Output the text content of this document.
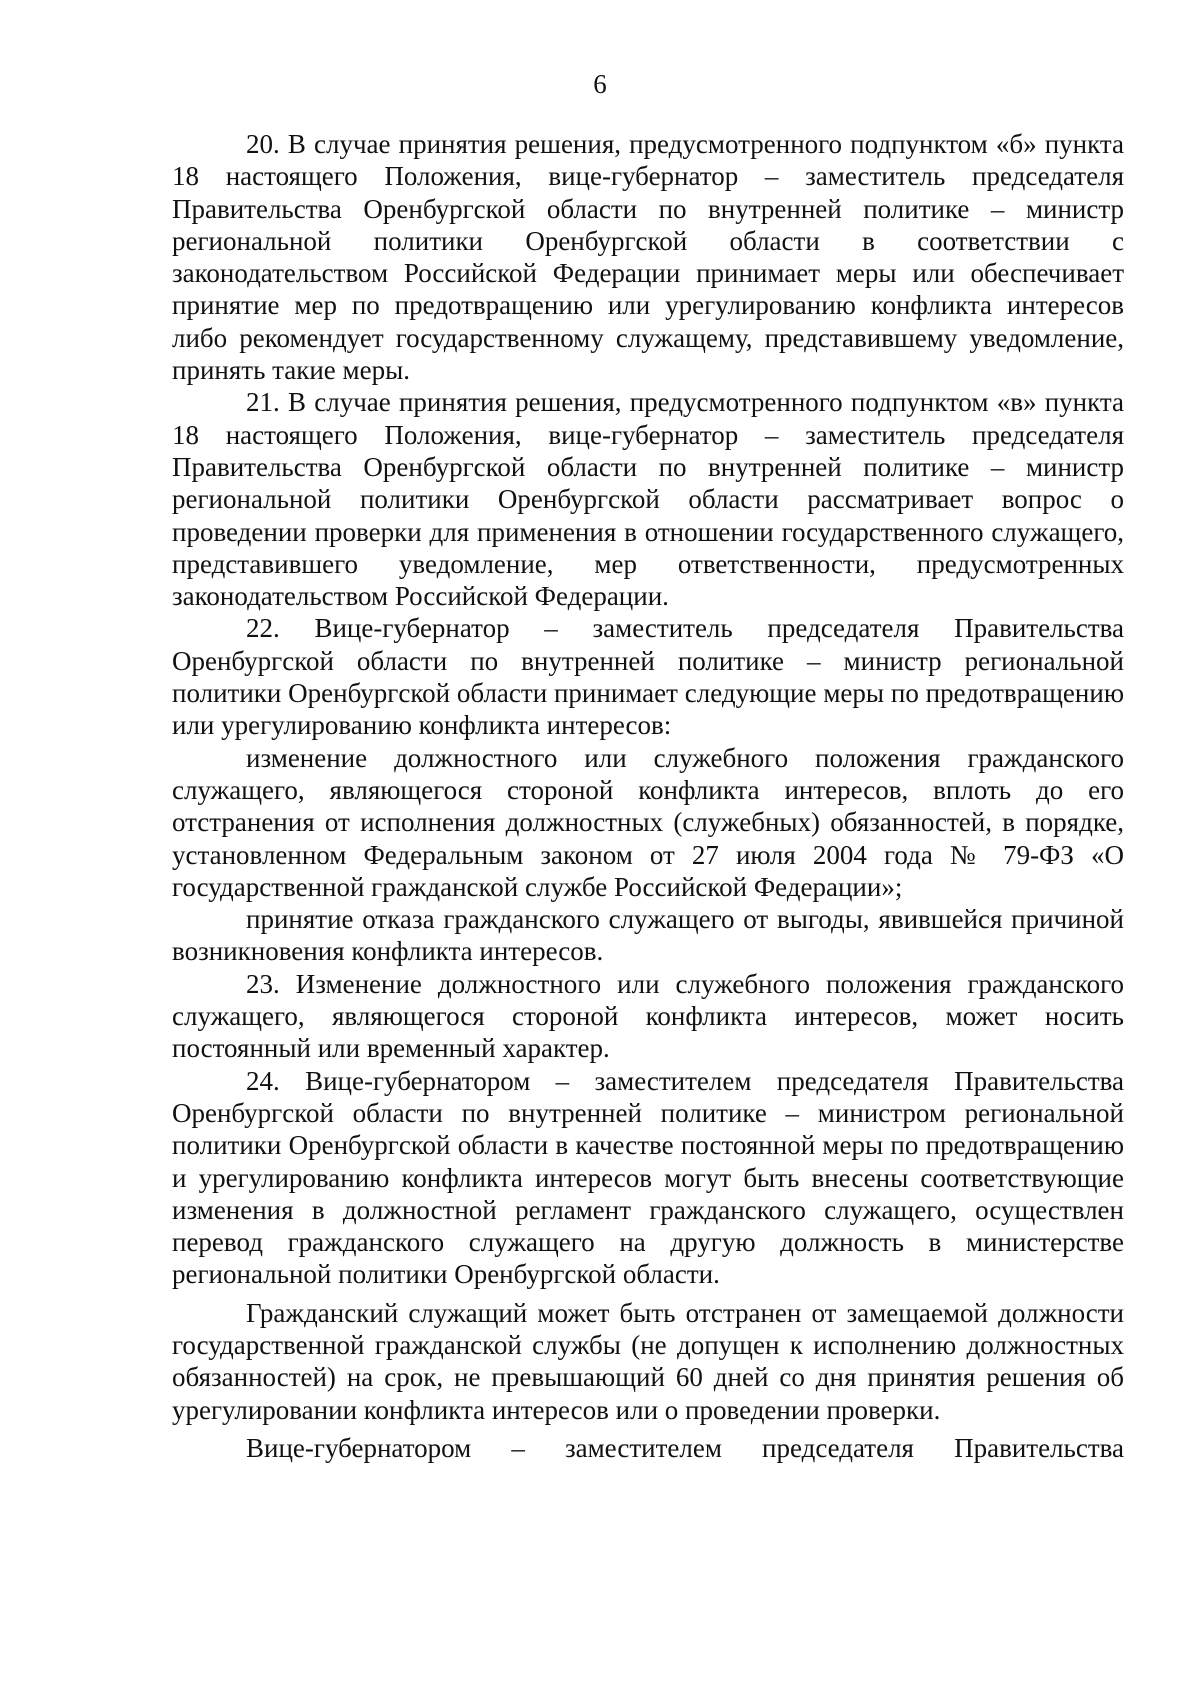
6

20. В случае принятия решения, предусмотренного подпунктом «б» пункта 18 настоящего Положения, вице-губернатор – заместитель председателя Правительства Оренбургской области по внутренней политике – министр региональной политики Оренбургской области в соответствии с законодательством Российской Федерации принимает меры или обеспечивает принятие мер по предотвращению или урегулированию конфликта интересов либо рекомендует государственному служащему, представившему уведомление, принять такие меры.

21. В случае принятия решения, предусмотренного подпунктом «в» пункта 18 настоящего Положения, вице-губернатор – заместитель председателя Правительства Оренбургской области по внутренней политике – министр региональной политики Оренбургской области рассматривает вопрос о проведении проверки для применения в отношении государственного служащего, представившего уведомление, мер ответственности, предусмотренных законодательством Российской Федерации.

22. Вице-губернатор – заместитель председателя Правительства Оренбургской области по внутренней политике – министр региональной политики Оренбургской области принимает следующие меры по предотвращению или урегулированию конфликта интересов:

изменение должностного или служебного положения гражданского служащего, являющегося стороной конфликта интересов, вплоть до его отстранения от исполнения должностных (служебных) обязанностей, в порядке, установленном Федеральным законом от 27 июля 2004 года № 79-ФЗ «О государственной гражданской службе Российской Федерации»;

принятие отказа гражданского служащего от выгоды, явившейся причиной возникновения конфликта интересов.

23. Изменение должностного или служебного положения гражданского служащего, являющегося стороной конфликта интересов, может носить постоянный или временный характер.

24. Вице-губернатором – заместителем председателя Правительства Оренбургской области по внутренней политике – министром региональной политики Оренбургской области в качестве постоянной меры по предотвращению и урегулированию конфликта интересов могут быть внесены соответствующие изменения в должностной регламент гражданского служащего, осуществлен перевод гражданского служащего на другую должность в министерстве региональной политики Оренбургской области.

Гражданский служащий может быть отстранен от замещаемой должности государственной гражданской службы (не допущен к исполнению должностных обязанностей) на срок, не превышающий 60 дней со дня принятия решения об урегулировании конфликта интересов или о проведении проверки.

Вице-губернатором – заместителем председателя Правительства
